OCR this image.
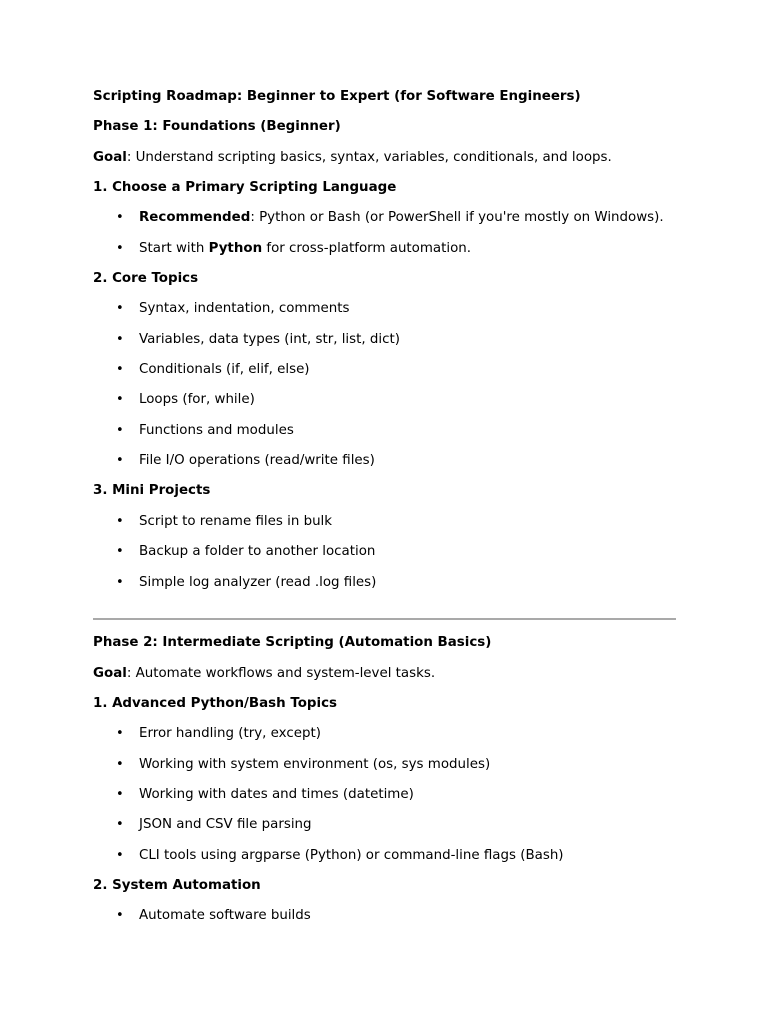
Scripting Roadmap: Beginner to Expert (for Software Engineers)
Phase 1: Foundations (Beginner)
Goal: Understand scripting basics, syntax, variables, conditionals, and loops.
1. Choose a Primary Scripting Language
• Recommended: Python or Bash (or PowerShell if you're mostly on Windows).
• Start with Python for cross-platform automation.
2. Core Topics
• Syntax, indentation, comments
• Variables, data types (int, str, list, dict)
• Conditionals (if, elif, else)
• Loops (for, while)
• Functions and modules
• File I/O operations (read/write files)
3. Mini Projects
• Script to rename files in bulk
• Backup a folder to another location
• Simple log analyzer (read .log files)
Phase 2: Intermediate Scripting (Automation Basics)
Goal: Automate workflows and system-level tasks.
1. Advanced Python/Bash Topics
• Error handling (try, except)
• Working with system environment (os, sys modules)
• Working with dates and times (datetime)
• JSON and CSV file parsing
• CLI tools using argparse (Python) or command-line flags (Bash)
2. System Automation
• Automate software builds
